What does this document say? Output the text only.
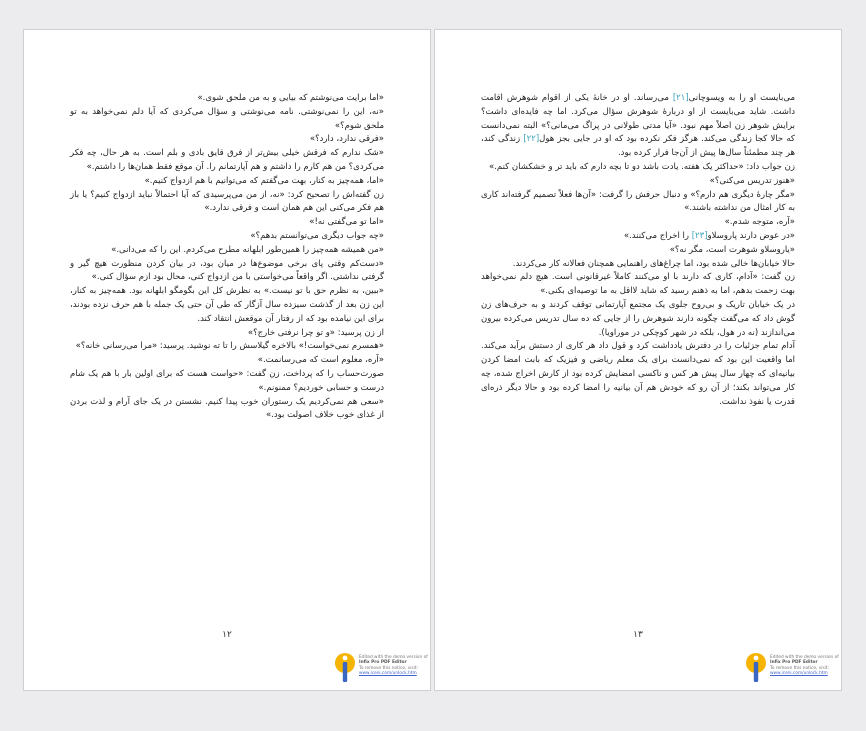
«اما برایت می‌نوشتم که بیایی و به من ملحق شوی.»

«نه، این را نمی‌نوشتی. نامه می‌نوشتی و سؤال می‌کردی که آیا دلم نمی‌خواهد به تو ملحق شوم؟»

«فرقی ندارد، دارد؟»

«شک ندارم که فرقش خیلی بیش‌تر از فرق قایق بادی و بلم است. به هر حال، چه فکر می‌کردی؟ من هم کارم را داشتم و هم آپارتمانم را. آن موقع فقط همان‌ها را داشتم.»

«اما، همه‌چیز به کنار، بهت می‌گفتم که می‌توانیم با هم ازدواج کنیم.»

زن گفته‌اش را تصحیح کرد: «نه، از من می‌پرسیدی که آیا احتمالاً نباید ازدواج کنیم؟ یا باز هم فکر می‌کنی این هم همان است و فرقی ندارد.»

«اما تو می‌گفتی نه!»

«چه جواب دیگری می‌توانستم بدهم؟»

«من همیشه همه‌چیز را همین‌طور ابلهانه مطرح می‌کردم. این را که می‌دانی.»

«دست‌کم وقتی پای برخی موضوع‌ها در میان بود، در بیان کردن منظورت هیچ گیر و گرفتی نداشتی. اگر واقعاً می‌خواستی با من ازدواج کنی، محال بود ازم سؤال کنی.»

«ببین، به نظرم حق با تو نیست.» به نظرش کل این بگومگو ابلهانه بود. همه‌چیز به کنار، این زن بعد از گذشت سیزده سال آزگار که طی آن حتی یک جمله با هم حرف نزده بودند، برای این نیامده بود که از رفتار آن موقعش انتقاد کند.

از زن پرسید: «و تو چرا نرفتی خارج؟»

«همسرم نمی‌خواست!» بالاخره گیلاسش را تا ته نوشید. پرسید: «مرا می‌رسانی خانه؟»

«آره، معلوم است که می‌رسانمت.»

صورت‌حساب را که پرداخت، زن گفت: «حواست هست که برای اولین بار با هم یک شام درست و حسابی خوردیم؟ ممنونم.»

«سعی هم نمی‌کردیم یک رستوران خوب پیدا کنیم. نشستن در یک جای آرام و لذت بردن از غذای خوب خلاف اصولت بود.»

۱۲
Edited with the demo version of
Infix Pro PDF Editor
To remove this notice, visit:
www.iceni.com/unlock.htm

می‌بایست او را به ویسوچانی[۲۱] می‌رساند. او در خانهٔ یکی از اقوام شوهرش اقامت داشت. شاید می‌بایست از او دربارهٔ شوهرش سؤال می‌کرد. اما چه فایده‌ای داشت؟ برایش شوهر زن اصلاً مهم نبود. «آیا مدتی طولانی در پراگ می‌مانی؟» البته نمی‌دانست که حالا کجا زندگی می‌کند. هرگز فکر نکرده بود که او در جایی بجز هول[۲۲] زندگی کند، هر چند مطمئناً سال‌ها پیش از آن‌جا فرار کرده بود.

زن جواب داد: «حداکثر یک هفته. یادت باشد دو تا بچه دارم که باید تر و خشکشان کنم.»

«هنوز تدریس می‌کنی؟»

«مگر چارهٔ دیگری هم دارم؟» و دنبال حرفش را گرفت: «آن‌ها فعلاً تصمیم گرفته‌اند کاری به کار امثال من نداشته باشند.»

«آره، متوجه شدم.»

«در عوض دارند پاروسلاو[۲۳] را اخراج می‌کنند.»

«یاروسلاو شوهرت است، مگر نه؟»

حالا خیابان‌ها خالی شده بود، اما چراغ‌های راهنمایی همچنان فعالانه کار می‌کردند.

زن گفت: «آدام، کاری که دارند با او می‌کنند کاملاً غیرقانونی است. هیچ دلم نمی‌خواهد بهت زحمت بدهم، اما به ذهنم رسید که شاید لااقل به ما توصیه‌ای بکنی.»

در یک خیابان تاریک و بی‌روح جلوی یک مجتمع آپارتمانی توقف کردند و به حرف‌های زن گوش داد که می‌گفت چگونه دارند شوهرش را از جایی که ده سال تدریس می‌کرده بیرون می‌اندازند (نه در هول، بلکه در شهر کوچکی در موراویا).

آدام تمام جزئیات را در دفترش یادداشت کرد و قول داد هر کاری از دستش برآید می‌کند. اما واقعیت این بود که نمی‌دانست برای یک معلم ریاضی و فیزیک که بابت امضا کردن بیانیه‌ای که چهار سال پیش هر کس و ناکسی امضایش کرده بود از کارش اخراج شده، چه کار می‌تواند بکند؛ از آن رو که خودش هم آن بیانیه را امضا کرده بود و حالا دیگر ذره‌ای قدرت یا نفوذ نداشت.

۱۳
Edited with the demo version of
Infix Pro PDF Editor
To remove this notice, visit:
www.iceni.com/unlock.htm
